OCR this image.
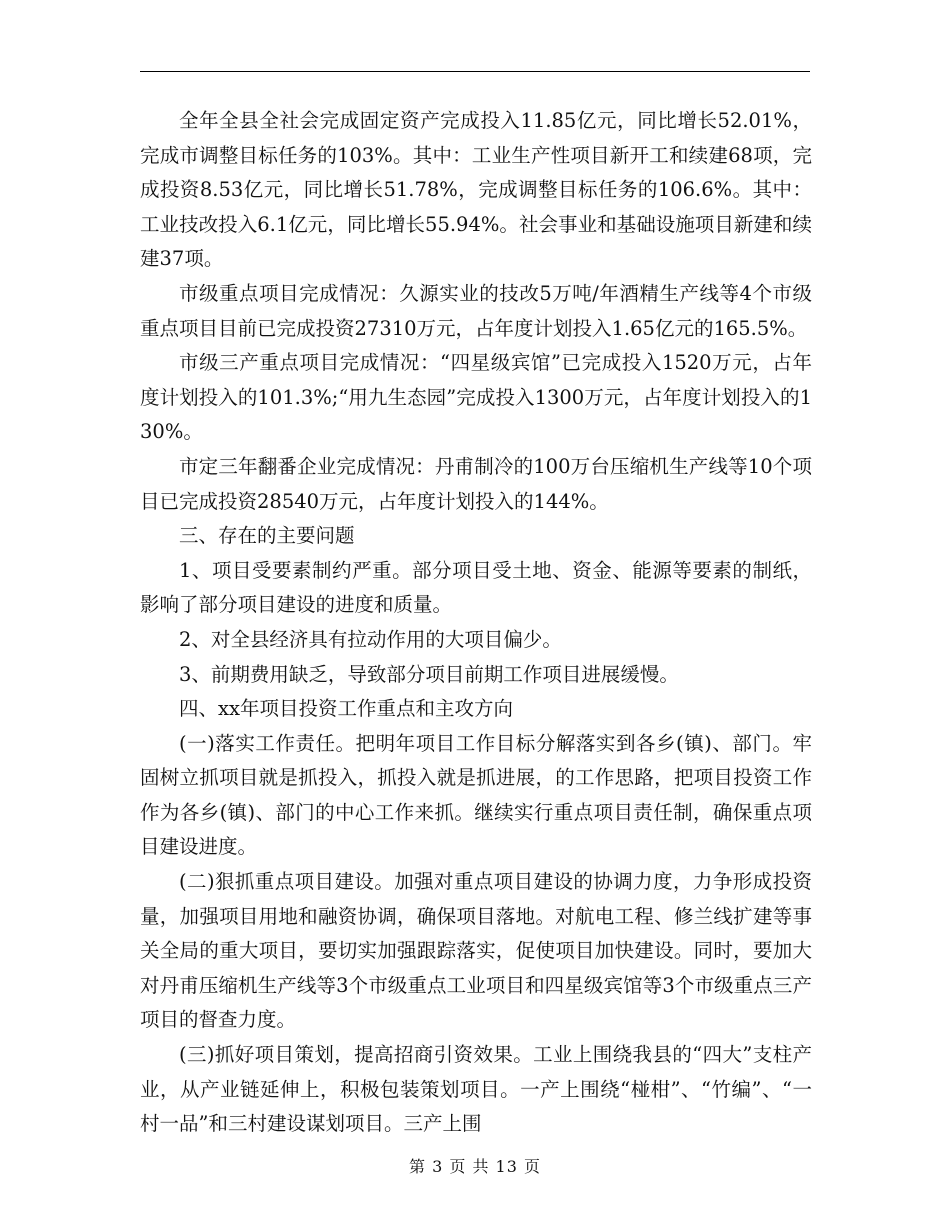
全年全县全社会完成固定资产完成投入11.85亿元，同比增长52.01%，完成市调整目标任务的103%。其中：工业生产性项目新开工和续建68项，完成投资8.53亿元，同比增长51.78%，完成调整目标任务的106.6%。其中：工业技改投入6.1亿元，同比增长55.94%。社会事业和基础设施项目新建和续建37项。

市级重点项目完成情况：久源实业的技改5万吨/年酒精生产线等4个市级重点项目目前已完成投资27310万元，占年度计划投入1.65亿元的165.5%。

市级三产重点项目完成情况：“四星级宾馆”已完成投入1520万元，占年度计划投入的101.3%;“用九生态园”完成投入1300万元，占年度计划投入的130%。

市定三年翻番企业完成情况：丹甫制冷的100万台压缩机生产线等10个项目已完成投资28540万元，占年度计划投入的144%。

三、存在的主要问题

1、项目受要素制约严重。部分项目受土地、资金、能源等要素的制纸，影响了部分项目建设的进度和质量。

2、对全县经济具有拉动作用的大项目偏少。

3、前期费用缺乏，导致部分项目前期工作项目进展缓慢。

四、xx年项目投资工作重点和主攻方向

(一)落实工作责任。把明年项目工作目标分解落实到各乡(镇)、部门。牢固树立抓项目就是抓投入，抓投入就是抓进展，的工作思路，把项目投资工作作为各乡(镇)、部门的中心工作来抓。继续实行重点项目责任制，确保重点项目建设进度。

(二)狠抓重点项目建设。加强对重点项目建设的协调力度，力争形成投资量，加强项目用地和融资协调，确保项目落地。对航电工程、修兰线扩建等事关全局的重大项目，要切实加强跟踪落实，促使项目加快建设。同时，要加大对丹甫压缩机生产线等3个市级重点工业项目和四星级宾馆等3个市级重点三产项目的督查力度。

(三)抓好项目策划，提高招商引资效果。工业上围绕我县的“四大”支柱产业，从产业链延伸上，积极包装策划项目。一产上围绕“椪柑”、“竹编”、“一村一品”和三村建设谋划项目。三产上围

第 3 页 共 13 页
